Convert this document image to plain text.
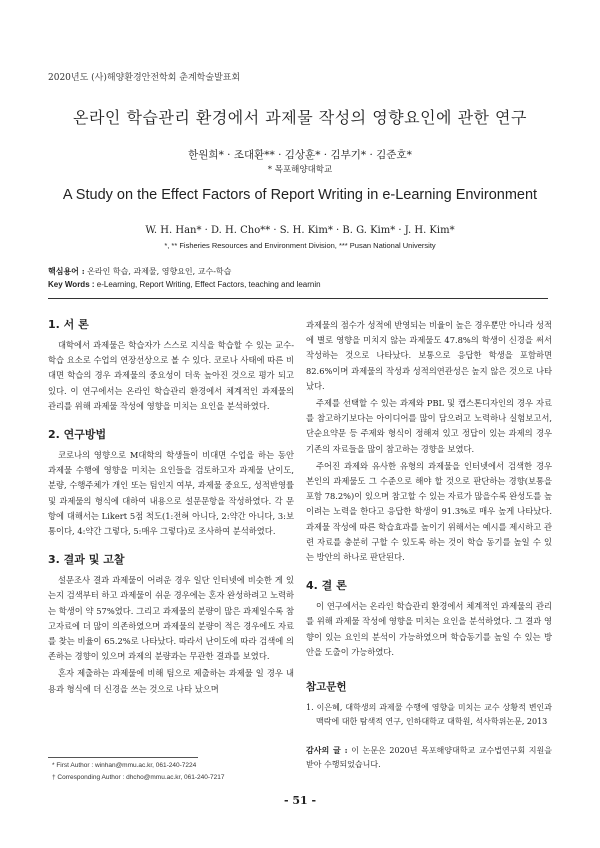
2020년도 (사)해양환경안전학회 춘계학술발표회
온라인 학습관리 환경에서 과제물 작성의 영향요인에 관한 연구
한원희* · 조대환** · 김상훈* · 김부기* · 김준호*
* 목포해양대학교
A Study on the Effect Factors of Report Writing in e-Learning Environment
W. H. Han* · D. H. Cho** · S. H. Kim* · B. G. Kim* · J. H. Kim*
*, ** Fisheries Resources and Environment Division, *** Pusan National University
핵심용어 : 온라인 학습, 과제물, 영향요인, 교수-학습
Key Words : e-Learning, Report Writing, Effect Factors, teaching and learnin
1. 서 론

대학에서 과제물은 학습자가 스스로 지식을 학습할 수 있는 교수-학습 요소로 수업의 연장선상으로 볼 수 있다. 코로나 사태에 따른 비대면 학습의 경우 과제물의 중요성이 더욱 높아진 것으로 평가 되고 있다. 이 연구에서는 온라인 학습관리 환경에서 체계적인 과제물의 관리를 위해 과제물 작성에 영향을 미치는 요인을 분석하였다.

2. 연구방법

코로나의 영향으로 M대학의 학생들이 비대면 수업을 하는 동안 과제물 수행에 영향을 미치는 요인들을 검토하고자 과제물 난이도, 분량, 수행주체가 개인 또는 팀인지 여부, 과제물 중요도, 성적반영률 및 과제물의 형식에 대하여 내용으로 설문문항을 작성하였다. 각 문항에 대해서는 Likert 5점 척도(1:전혀 아니다, 2:약간 아니다, 3:보통이다, 4:약간 그렇다, 5:매우 그렇다)로 조사하여 분석하였다.

3. 결과 및 고찰

설문조사 결과 과제물이 어려운 경우 일단 인터넷에 비슷한 게 있는지 검색부터 하고 과제물이 쉬운 경우에는 혼자 완성하려고 노력하는 학생이 약 57%였다. 그리고 과제물의 분량이 많은 과제일수록 참고자료에 더 많이 의존하였으며 과제물의 분량이 적은 경우에도 자료를 찾는 비율이 65.2%로 나타났다. 따라서 난이도에 따라 검색에 의존하는 경향이 있으며 과제의 분량과는 무관한 결과를 보였다.

혼자 제출하는 과제물에 비해 팀으로 제출하는 과제물 일 경우 내용과 형식에 더 신경을 쓰는 것으로 나타 났으며

과제물의 점수가 성적에 반영되는 비율이 높은 경우뿐만 아니라 성적에 별로 영향을 미치지 않는 과제물도 47.8%의 학생이 신경을 써서 작성하는 것으로 나타났다. 보통으로 응답한 학생을 포함하면 82.6%이며 과제물의 작성과 성적의연관성은 높지 않은 것으로 나타났다.

주제를 선택할 수 있는 과제와 PBL 및 캡스톤디자인의 경우 자료를 참고하기보다는 아이디어를 많이 담으려고 노력하나 실험보고서, 단순요약문 등 주제와 형식이 정해져 있고 정답이 있는 과제의 경우 기존의 자료들을 많이 참고하는 경향을 보였다.

주어진 과제와 유사한 유형의 과제물을 인터넷에서 검색한 경우 본인의 과제물도 그 수준으로 해야 할 것으로 판단하는 경향(보통을 포함 78.2%)이 있으며 참고할 수 있는 자료가 많을수록 완성도를 높이려는 노력을 한다고 응답한 학생이 91.3%로 매우 높게 나타났다. 과제물 작성에 따른 학습효과를 높이기 위해서는 예시를 제시하고 관련 자료를 충분히 구할 수 있도록 하는 것이 학습 동기를 높일 수 있는 방안의 하나로 판단된다.

4. 결 론

이 연구에서는 온라인 학습관리 환경에서 체계적인 과제물의 관리를 위해 과제물 작성에 영향을 미치는 요인을 분석하였다. 그 결과 영향이 있는 요인의 분석이 가능하였으며 학습동기를 높일 수 있는 방안을 도출이 가능하였다.

참고문헌
1. 이은혜, 대학생의 과제물 수행에 영향을 미치는 교수 상황적 변인과 맥락에 대한 탐색적 연구, 인하대학교 대학원, 석사학위논문, 2013
감사의 글 : 이 논문은 2020년 목포해양대학교 교수법연구회 지원을 받아 수행되었습니다.
* First Author : winhan@mmu.ac.kr, 061-240-7224
† Corresponding Author : dhcho@mmu.ac.kr, 061-240-7217
- 51 -
